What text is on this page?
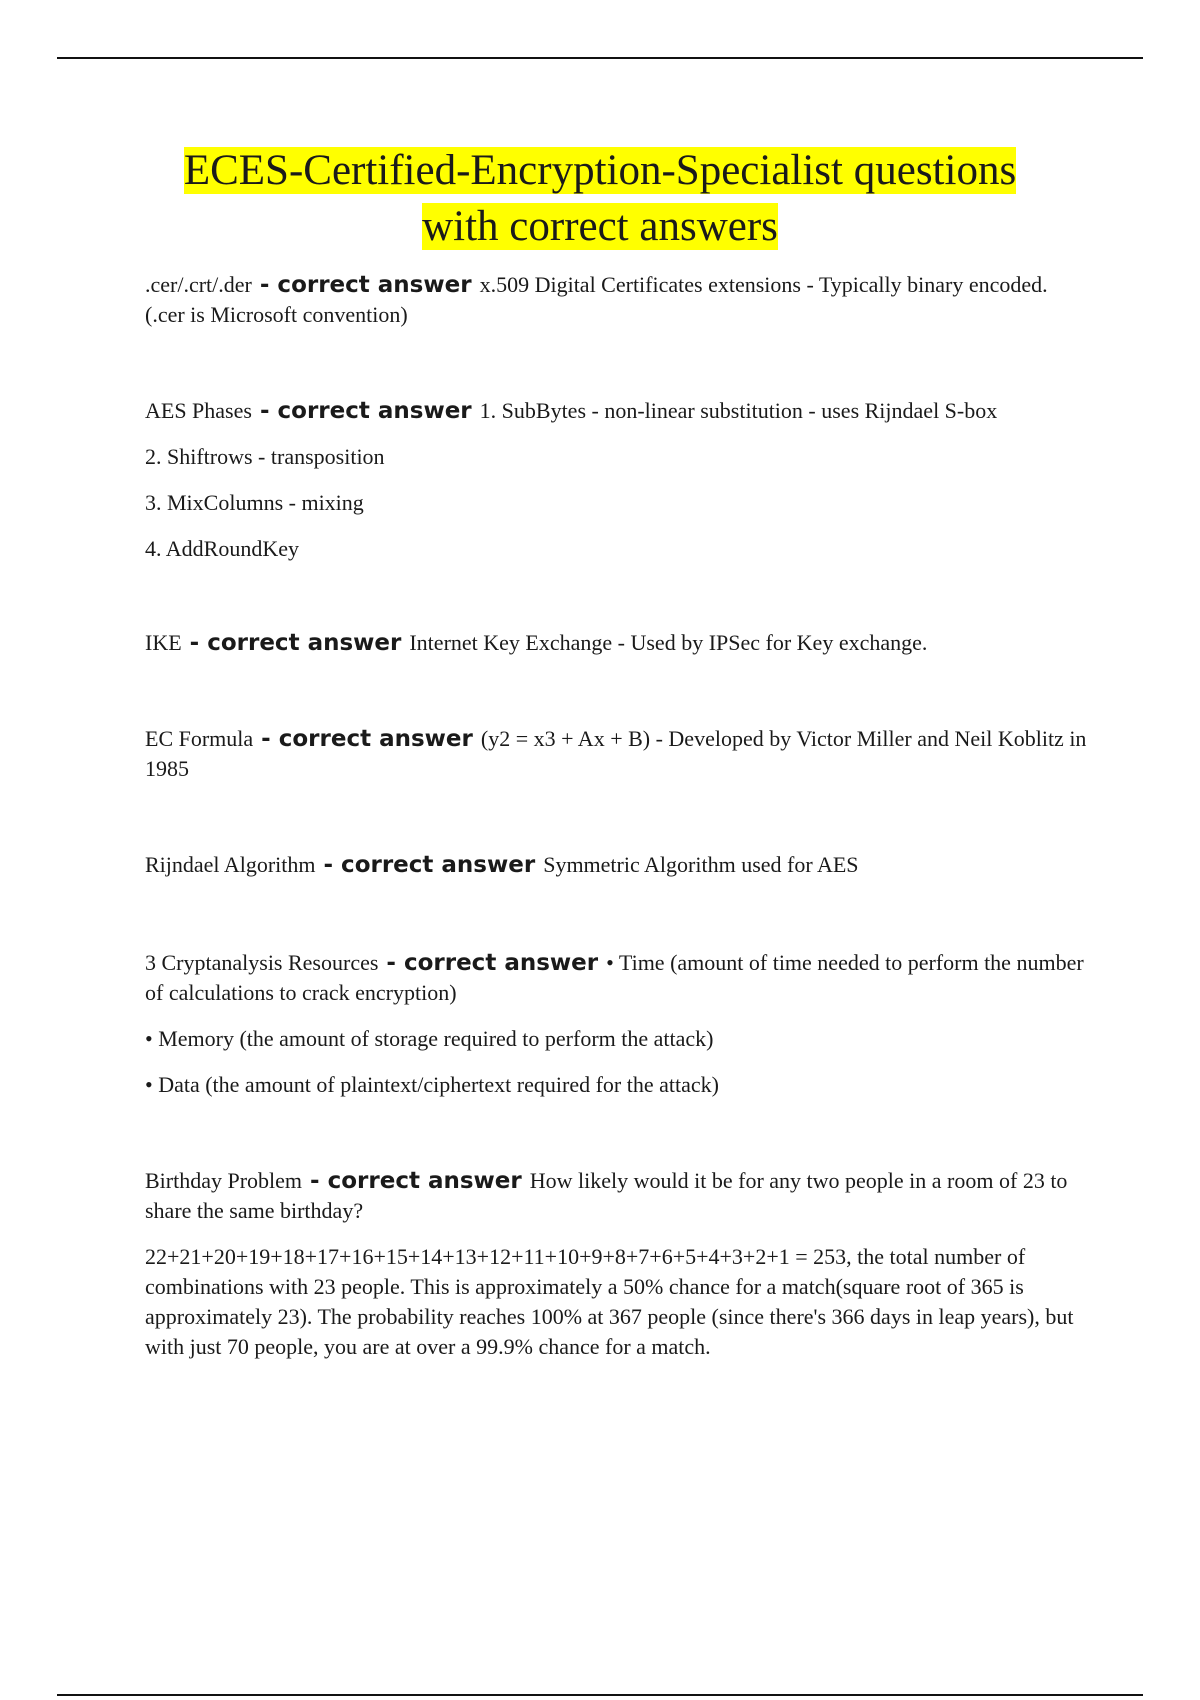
ECES-Certified-Encryption-Specialist questions
with correct answers

.cer/.crt/.der - correct answer x.509 Digital Certificates extensions - Typically binary encoded. (.cer is Microsoft convention)

AES Phases - correct answer 1. SubBytes - non-linear substitution - uses Rijndael S-box

2. Shiftrows - transposition

3. MixColumns - mixing

4. AddRoundKey

IKE - correct answer Internet Key Exchange - Used by IPSec for Key exchange.

EC Formula - correct answer (y2 = x3 + Ax + B) - Developed by Victor Miller and Neil Koblitz in 1985

Rijndael Algorithm - correct answer Symmetric Algorithm used for AES

3 Cryptanalysis Resources - correct answer • Time (amount of time needed to perform the number of calculations to crack encryption)

• Memory (the amount of storage required to perform the attack)

• Data (the amount of plaintext/ciphertext required for the attack)

Birthday Problem - correct answer How likely would it be for any two people in a room of 23 to share the same birthday?

22+21+20+19+18+17+16+15+14+13+12+11+10+9+8+7+6+5+4+3+2+1 = 253, the total number of combinations with 23 people. This is approximately a 50% chance for a match(square root of 365 is approximately 23). The probability reaches 100% at 367 people (since there's 366 days in leap years), but with just 70 people, you are at over a 99.9% chance for a match.
